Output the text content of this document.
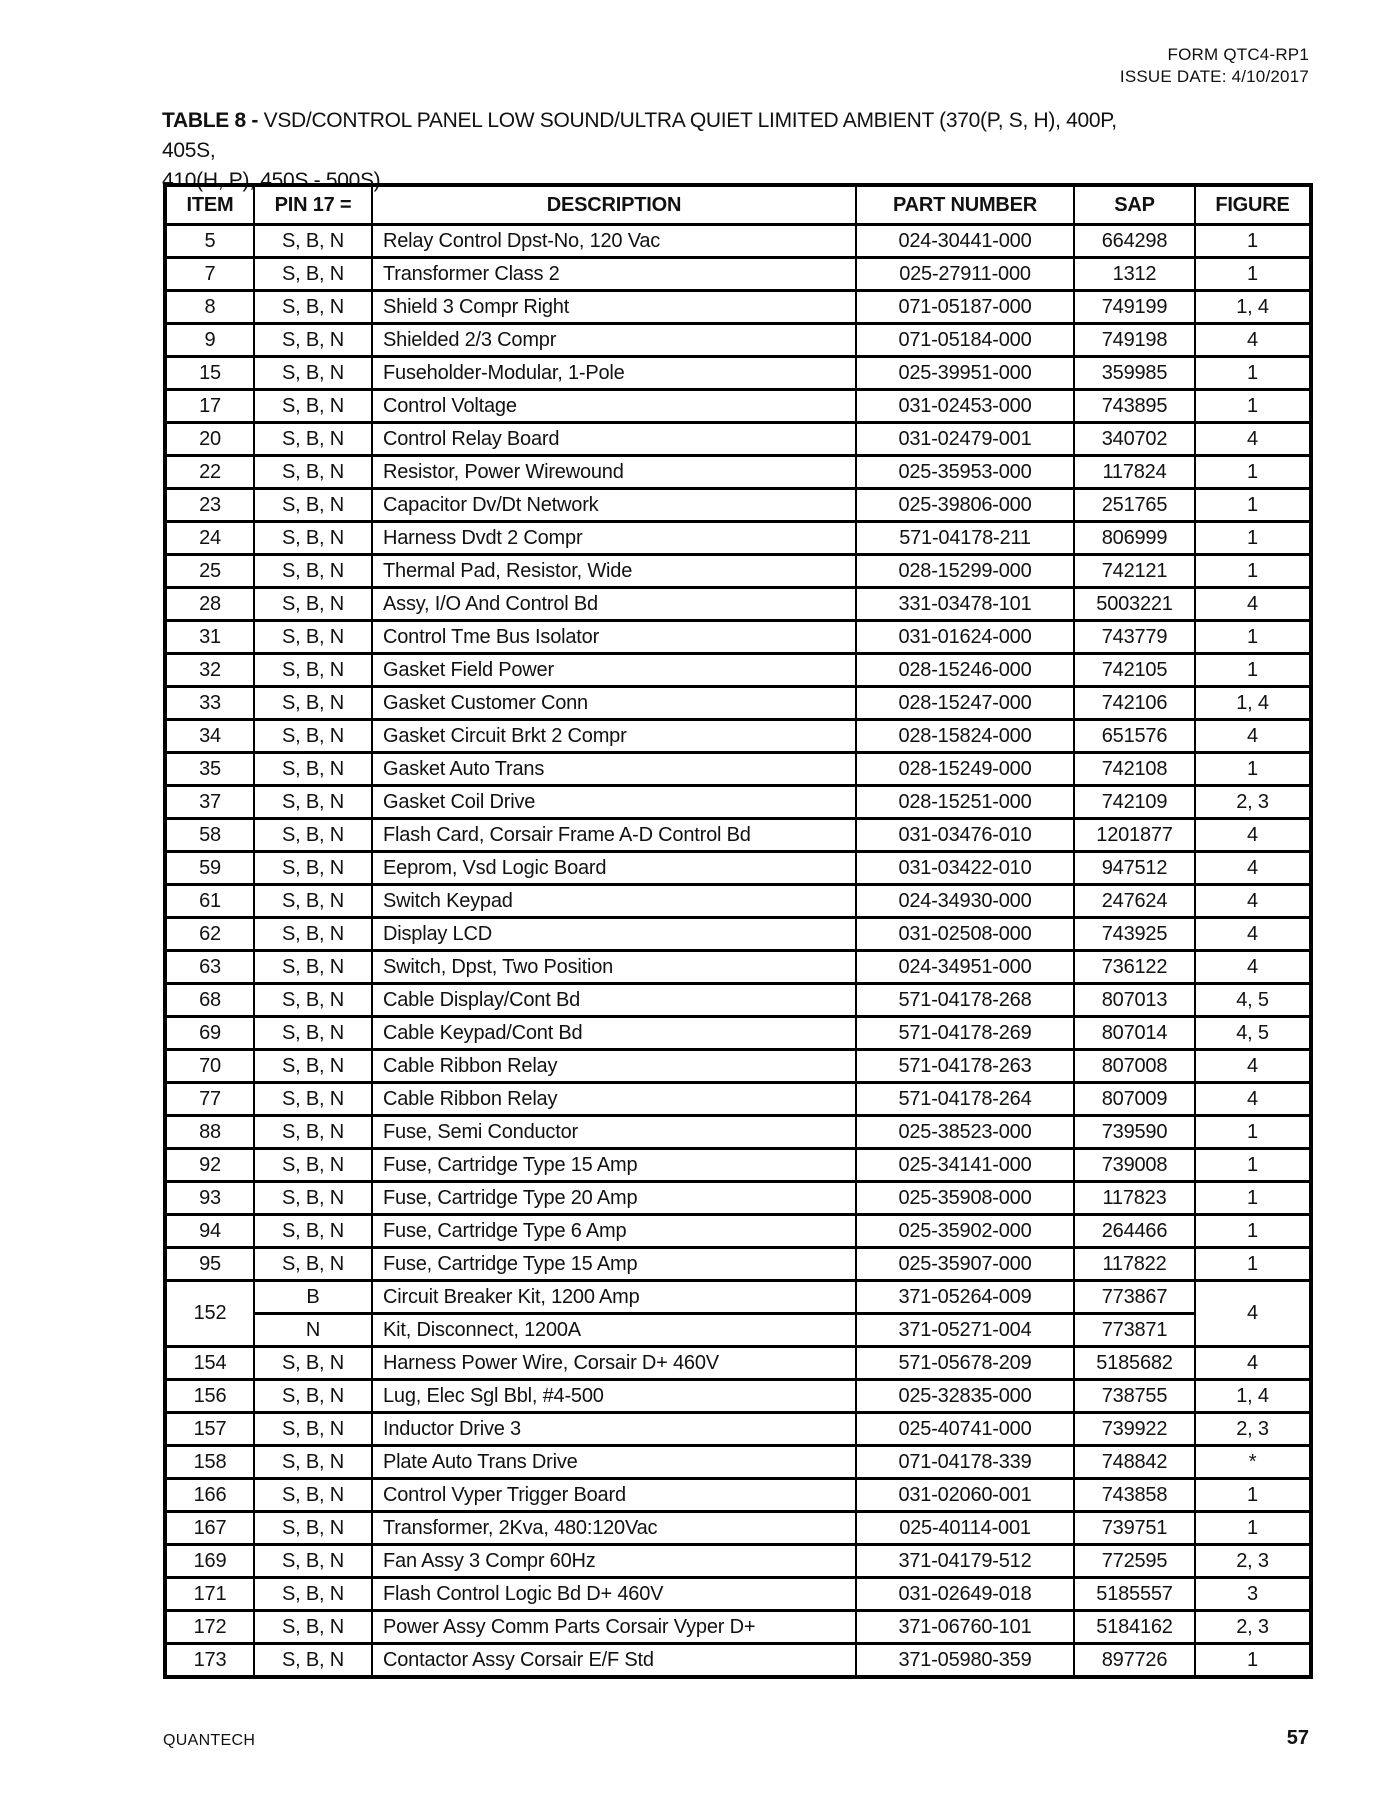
FORM QTC4-RP1
ISSUE DATE: 4/10/2017
TABLE 8 - VSD/CONTROL PANEL LOW SOUND/ULTRA QUIET LIMITED AMBIENT (370(P, S, H), 400P, 405S,
410(H, P), 450S - 500S)
ITEM	PIN 17 =	DESCRIPTION	PART NUMBER	SAP	FIGURE
5	S, B, N	Relay Control Dpst-No, 120 Vac	024-30441-000	664298	1
7	S, B, N	Transformer Class 2	025-27911-000	1312	1
8	S, B, N	Shield 3 Compr Right	071-05187-000	749199	1, 4
9	S, B, N	Shielded 2/3 Compr	071-05184-000	749198	4
15	S, B, N	Fuseholder-Modular, 1-Pole	025-39951-000	359985	1
17	S, B, N	Control Voltage	031-02453-000	743895	1
20	S, B, N	Control Relay Board	031-02479-001	340702	4
22	S, B, N	Resistor, Power Wirewound	025-35953-000	117824	1
23	S, B, N	Capacitor Dv/Dt Network	025-39806-000	251765	1
24	S, B, N	Harness Dvdt 2 Compr	571-04178-211	806999	1
25	S, B, N	Thermal Pad, Resistor, Wide	028-15299-000	742121	1
28	S, B, N	Assy, I/O And Control Bd	331-03478-101	5003221	4
31	S, B, N	Control Tme Bus Isolator	031-01624-000	743779	1
32	S, B, N	Gasket Field Power	028-15246-000	742105	1
33	S, B, N	Gasket Customer Conn	028-15247-000	742106	1, 4
34	S, B, N	Gasket Circuit Brkt 2 Compr	028-15824-000	651576	4
35	S, B, N	Gasket Auto Trans	028-15249-000	742108	1
37	S, B, N	Gasket Coil Drive	028-15251-000	742109	2, 3
58	S, B, N	Flash Card, Corsair Frame A-D Control Bd	031-03476-010	1201877	4
59	S, B, N	Eeprom, Vsd Logic Board	031-03422-010	947512	4
61	S, B, N	Switch Keypad	024-34930-000	247624	4
62	S, B, N	Display LCD	031-02508-000	743925	4
63	S, B, N	Switch, Dpst, Two Position	024-34951-000	736122	4
68	S, B, N	Cable Display/Cont Bd	571-04178-268	807013	4, 5
69	S, B, N	Cable Keypad/Cont Bd	571-04178-269	807014	4, 5
70	S, B, N	Cable Ribbon Relay	571-04178-263	807008	4
77	S, B, N	Cable Ribbon Relay	571-04178-264	807009	4
88	S, B, N	Fuse, Semi Conductor	025-38523-000	739590	1
92	S, B, N	Fuse, Cartridge Type 15 Amp	025-34141-000	739008	1
93	S, B, N	Fuse, Cartridge Type 20 Amp	025-35908-000	117823	1
94	S, B, N	Fuse, Cartridge Type 6 Amp	025-35902-000	264466	1
95	S, B, N	Fuse, Cartridge Type 15 Amp	025-35907-000	117822	1
152	B	Circuit Breaker Kit, 1200 Amp	371-05264-009	773867	4
	N	Kit, Disconnect, 1200A	371-05271-004	773871	
154	S, B, N	Harness Power Wire, Corsair D+ 460V	571-05678-209	5185682	4
156	S, B, N	Lug, Elec Sgl Bbl, #4-500	025-32835-000	738755	1, 4
157	S, B, N	Inductor Drive 3	025-40741-000	739922	2, 3
158	S, B, N	Plate Auto Trans Drive	071-04178-339	748842	*
166	S, B, N	Control Vyper Trigger Board	031-02060-001	743858	1
167	S, B, N	Transformer, 2Kva, 480:120Vac	025-40114-001	739751	1
169	S, B, N	Fan Assy 3 Compr 60Hz	371-04179-512	772595	2, 3
171	S, B, N	Flash Control Logic Bd D+ 460V	031-02649-018	5185557	3
172	S, B, N	Power Assy Comm Parts Corsair Vyper D+	371-06760-101	5184162	2, 3
173	S, B, N	Contactor Assy Corsair E/F Std	371-05980-359	897726	1
QUANTECH	57
